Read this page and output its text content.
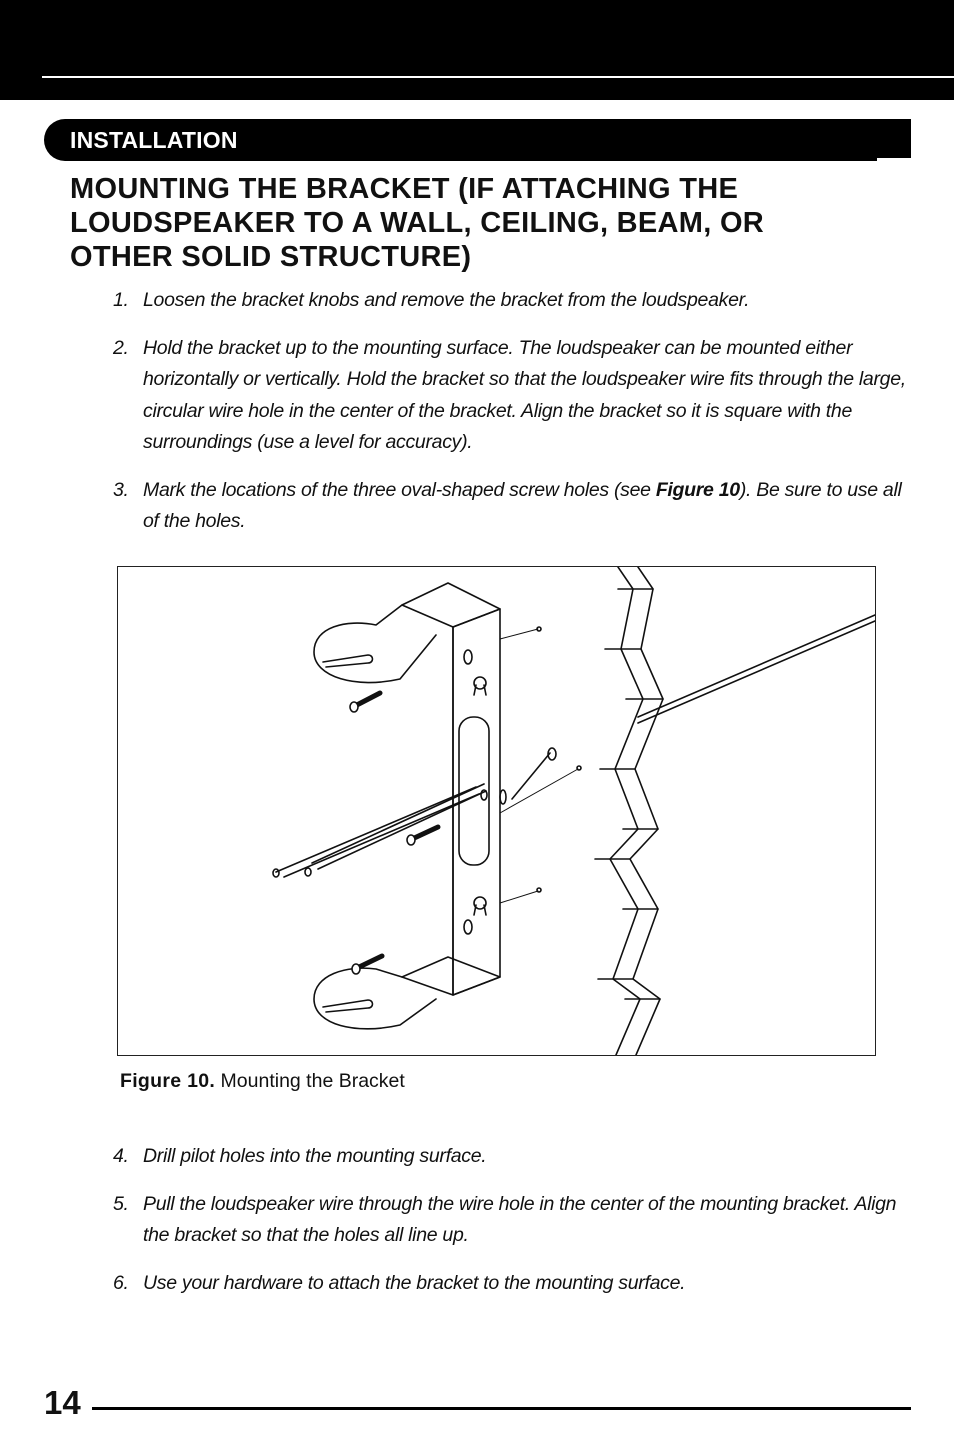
INSTALLATION
MOUNTING THE BRACKET (IF ATTACHING THE LOUDSPEAKER TO A WALL, CEILING, BEAM, OR OTHER SOLID STRUCTURE)
1. Loosen the bracket knobs and remove the bracket from the loudspeaker.
2. Hold the bracket up to the mounting surface. The loudspeaker can be mounted either horizontally or vertically. Hold the bracket so that the loudspeaker wire fits through the large, circular wire hole in the center of the bracket. Align the bracket so it is square with the surroundings (use a level for accuracy).
3. Mark the locations of the three oval-shaped screw holes (see Figure 10). Be sure to use all of the holes.
Figure 10. Mounting the Bracket
4. Drill pilot holes into the mounting surface.
5. Pull the loudspeaker wire through the wire hole in the center of the mounting bracket. Align the bracket so that the holes all line up.
6. Use your hardware to attach the bracket to the mounting surface.
14
